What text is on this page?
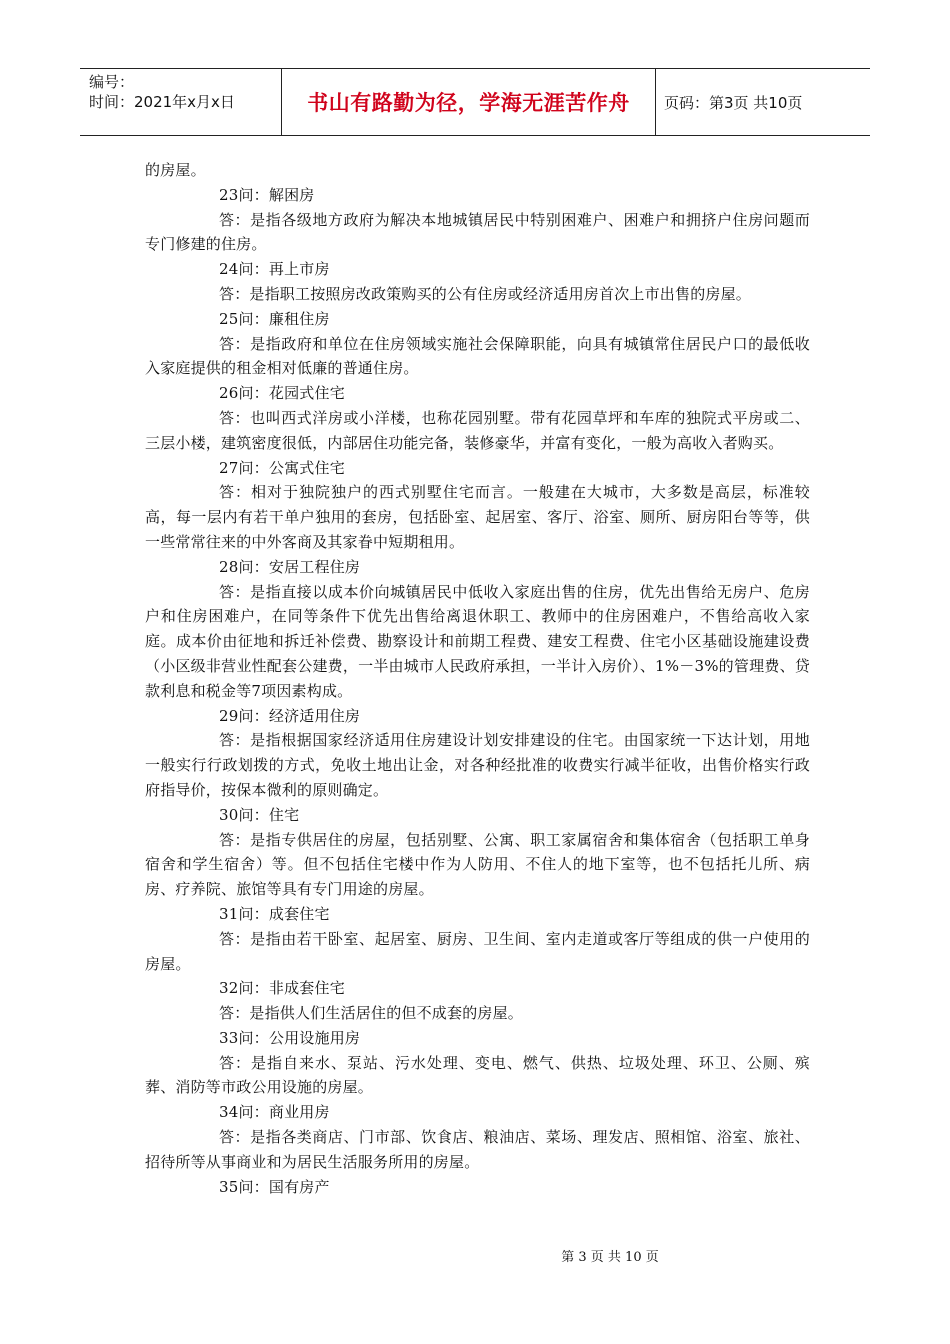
编号：
时间：2021年x月x日	书山有路勤为径，学海无涯苦作舟	页码：第3页 共10页

的房屋。

23问：解困房

答：是指各级地方政府为解决本地城镇居民中特别困难户、困难户和拥挤户住房问题而专门修建的住房。

24问：再上市房

答：是指职工按照房改政策购买的公有住房或经济适用房首次上市出售的房屋。

25问：廉租住房

答：是指政府和单位在住房领域实施社会保障职能，向具有城镇常住居民户口的最低收入家庭提供的租金相对低廉的普通住房。

26问：花园式住宅

答：也叫西式洋房或小洋楼，也称花园别墅。带有花园草坪和车库的独院式平房或二、三层小楼，建筑密度很低，内部居住功能完备，装修豪华，并富有变化，一般为高收入者购买。

27问：公寓式住宅

答：相对于独院独户的西式别墅住宅而言。一般建在大城市，大多数是高层，标准较高，每一层内有若干单户独用的套房，包括卧室、起居室、客厅、浴室、厕所、厨房阳台等等，供一些常常往来的中外客商及其家眷中短期租用。

28问：安居工程住房

答：是指直接以成本价向城镇居民中低收入家庭出售的住房，优先出售给无房户、危房户和住房困难户，在同等条件下优先出售给离退休职工、教师中的住房困难户，不售给高收入家庭。成本价由征地和拆迁补偿费、勘察设计和前期工程费、建安工程费、住宅小区基础设施建设费（小区级非营业性配套公建费，一半由城市人民政府承担，一半计入房价）、1%－3%的管理费、贷款利息和税金等7项因素构成。

29问：经济适用住房

答：是指根据国家经济适用住房建设计划安排建设的住宅。由国家统一下达计划，用地一般实行行政划拨的方式，免收土地出让金，对各种经批准的收费实行减半征收，出售价格实行政府指导价，按保本微利的原则确定。

30问：住宅

答：是指专供居住的房屋，包括别墅、公寓、职工家属宿舍和集体宿舍（包括职工单身宿舍和学生宿舍）等。但不包括住宅楼中作为人防用、不住人的地下室等，也不包括托儿所、病房、疗养院、旅馆等具有专门用途的房屋。

31问：成套住宅

答：是指由若干卧室、起居室、厨房、卫生间、室内走道或客厅等组成的供一户使用的房屋。

32问：非成套住宅

答：是指供人们生活居住的但不成套的房屋。

33问：公用设施用房

答：是指自来水、泵站、污水处理、变电、燃气、供热、垃圾处理、环卫、公厕、殡葬、消防等市政公用设施的房屋。

34问：商业用房

答：是指各类商店、门市部、饮食店、粮油店、菜场、理发店、照相馆、浴室、旅社、招待所等从事商业和为居民生活服务所用的房屋。

35问：国有房产

第 3 页 共 10 页
